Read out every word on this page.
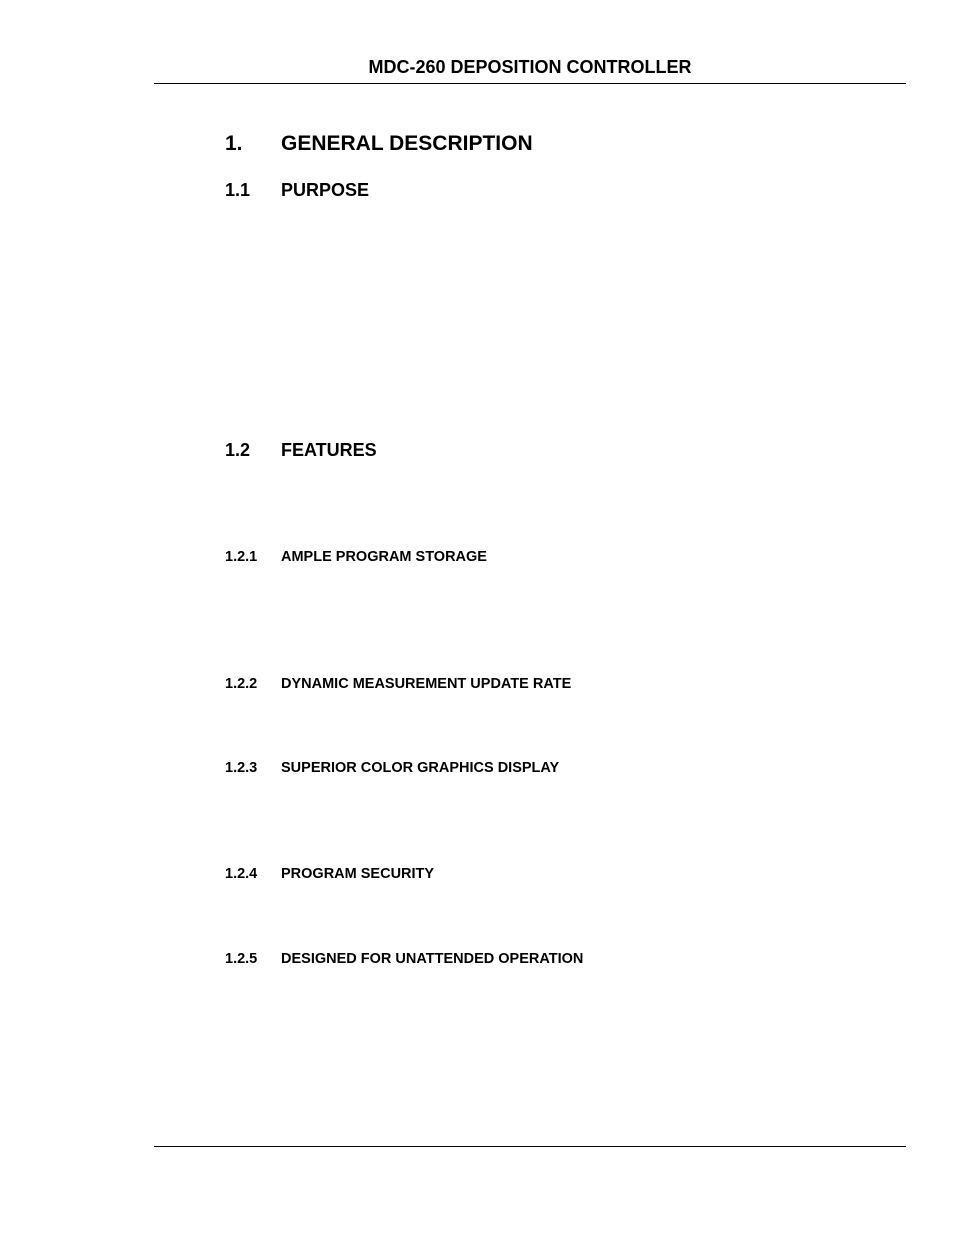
MDC-260 DEPOSITION CONTROLLER
1. GENERAL DESCRIPTION
1.1 PURPOSE
1.2 FEATURES
1.2.1 AMPLE PROGRAM STORAGE
1.2.2 DYNAMIC MEASUREMENT UPDATE RATE
1.2.3 SUPERIOR COLOR GRAPHICS DISPLAY
1.2.4 PROGRAM SECURITY
1.2.5 DESIGNED FOR UNATTENDED OPERATION
